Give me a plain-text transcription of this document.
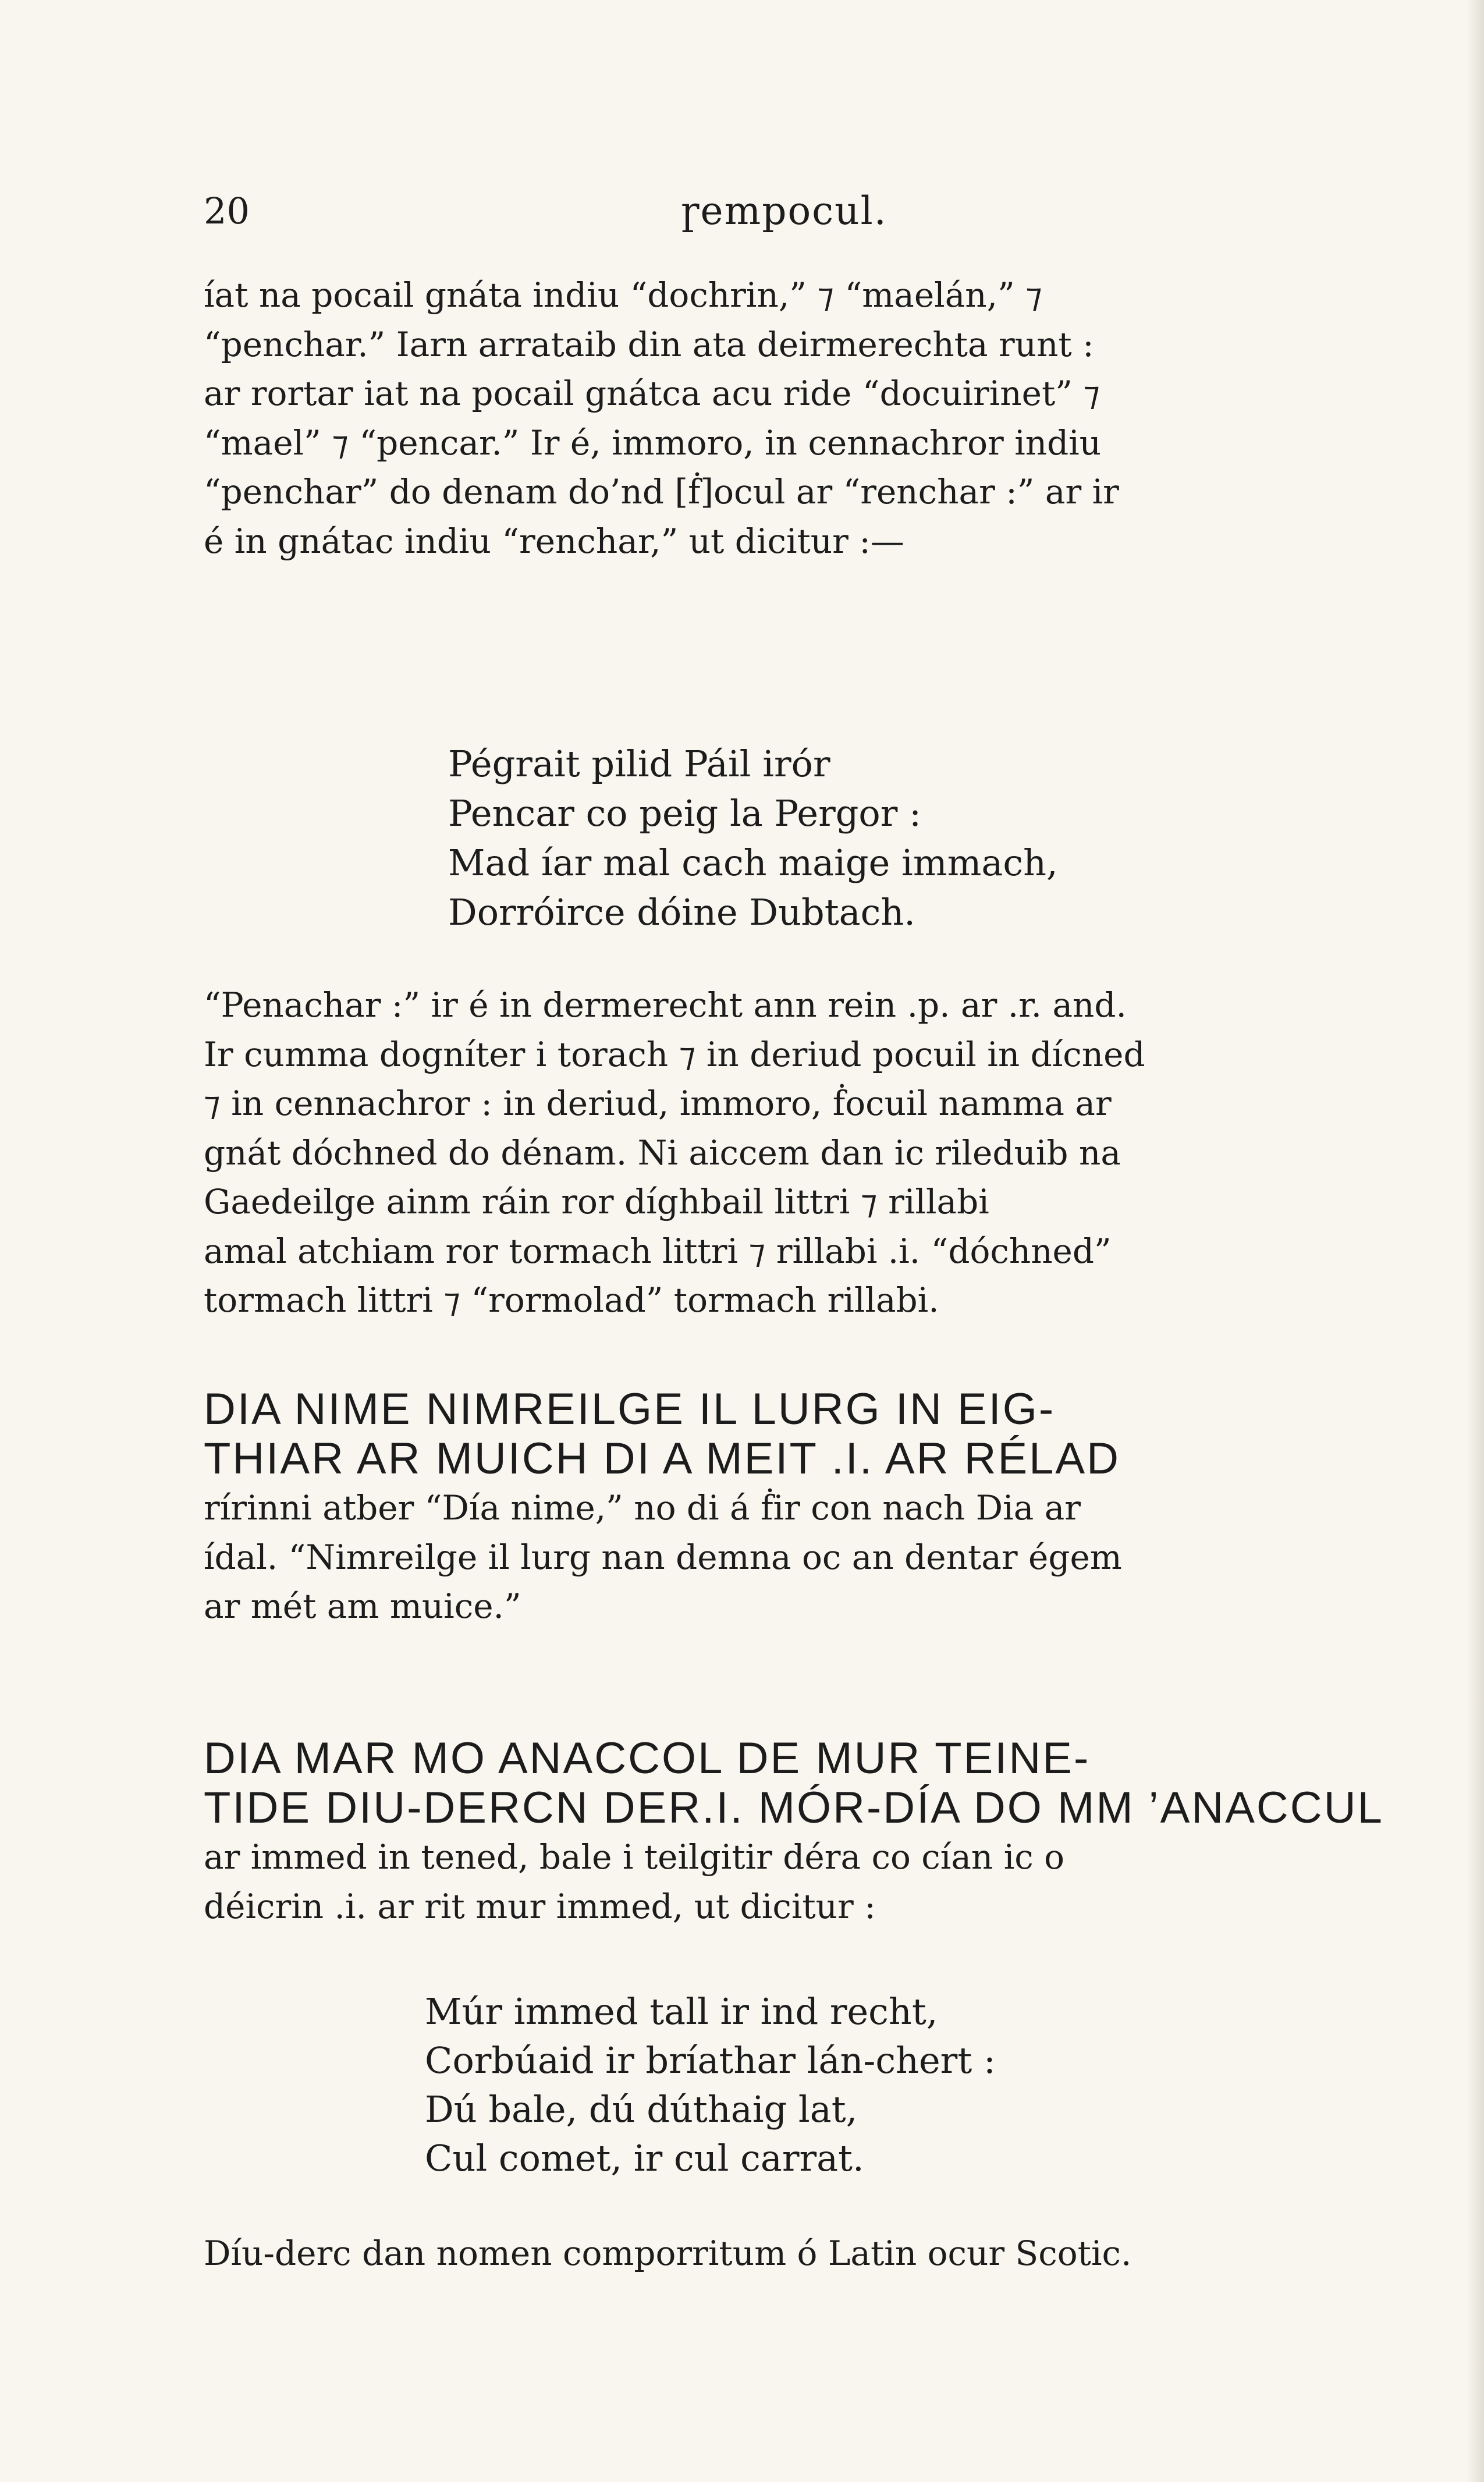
20	ɼempocul.
íat na pocail gnáta indiu “dochrin,” ⁊ “maelán,” ⁊
“penchar.” Iarn arrataib din ata deirmerechta runt :
ar rortar iat na pocail gnátca acu ride “docuirinet” ⁊
“mael” ⁊ “pencar.” Ir é, immoro, in cennachror indiu
“penchar” do denam do’nd [ḟ]ocul ar “renchar :” ar ir
é in gnátac indiu “renchar,” ut dicitur :—
Pégrait pilid Páil irór
Pencar co peig la Pergor :
Mad íar mal cach maige immach,
Dorróirce dóine Dubtach.
“Penachar :” ir é in dermerecht ann rein .p. ar .r. and.
Ir cumma dogníter i torach ⁊ in deriud pocuil in dícned
⁊ in cennachror : in deriud, immoro, ḟocuil namma ar
gnát dóchned do dénam. Ni aiccem dan ic rileduib na
Gaedeilge ainm ráin ror díghbail littri ⁊ rillabi
amal atchiam ror tormach littri ⁊ rillabi .i. “dóchned”
tormach littri ⁊ “rormolad” tormach rillabi.
DIA NIME NIMREILGE IL LURG IN EIG-
THIAR AR MUICH DI A MEIT .I. AR RÉLAD
rírinni atber “Día nime,” no di á ḟir con nach Dia ar
ídal. “Nimreilge il lurg nan demna oc an dentar égem
ar mét am muice.”
DIA MAR MO ANACCOL DE MUR TEINE-
TIDE DIU-DERCN DER.I. MÓR-DÍA DO MM ’ANACCUL
ar immed in tened, bale i teilgitir déra co cían ic o
déicrin .i. ar rit mur immed, ut dicitur :
Múr immed tall ir ind recht,
Corbúaid ir bríathar lán-chert :
Dú bale, dú dúthaig lat,
Cul comet, ir cul carrat.
Díu-derc dan nomen comporritum ó Latin ocur Scotic.
